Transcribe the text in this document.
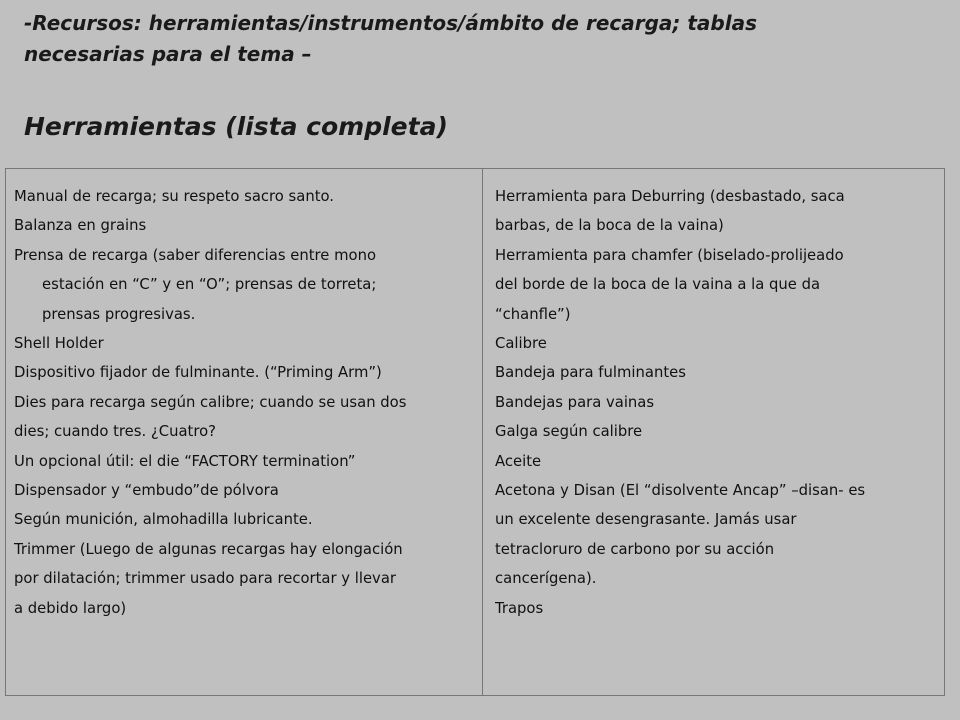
-Recursos: herramientas/instrumentos/ámbito de recarga; tablas
necesarias para el tema –
Herramientas (lista completa)
Manual de recarga; su respeto sacro santo.
Balanza en grains
Prensa de recarga (saber diferencias entre mono
estación en “C” y en “O”; prensas de torreta;
prensas progresivas.
Shell Holder
Dispositivo fijador de fulminante. (“Priming Arm”)
Dies para recarga según calibre; cuando se usan dos
dies; cuando tres. ¿Cuatro?
Un opcional útil: el die “FACTORY termination”
Dispensador y “embudo”de pólvora
Según munición, almohadilla lubricante.
Trimmer (Luego de algunas recargas hay elongación
por dilatación; trimmer usado para recortar y llevar
a debido largo)
Herramienta para Deburring (desbastado, saca
barbas, de la boca de la vaina)
Herramienta para chamfer (biselado-prolijeado
del borde de la boca de la vaina a la que da
“chanfle”)
Calibre
Bandeja para fulminantes
Bandejas para vainas
Galga según calibre
Aceite
Acetona y Disan (El “disolvente Ancap” –disan- es
un excelente desengrasante. Jamás usar
tetracloruro de carbono por su acción
cancerígena).
Trapos
